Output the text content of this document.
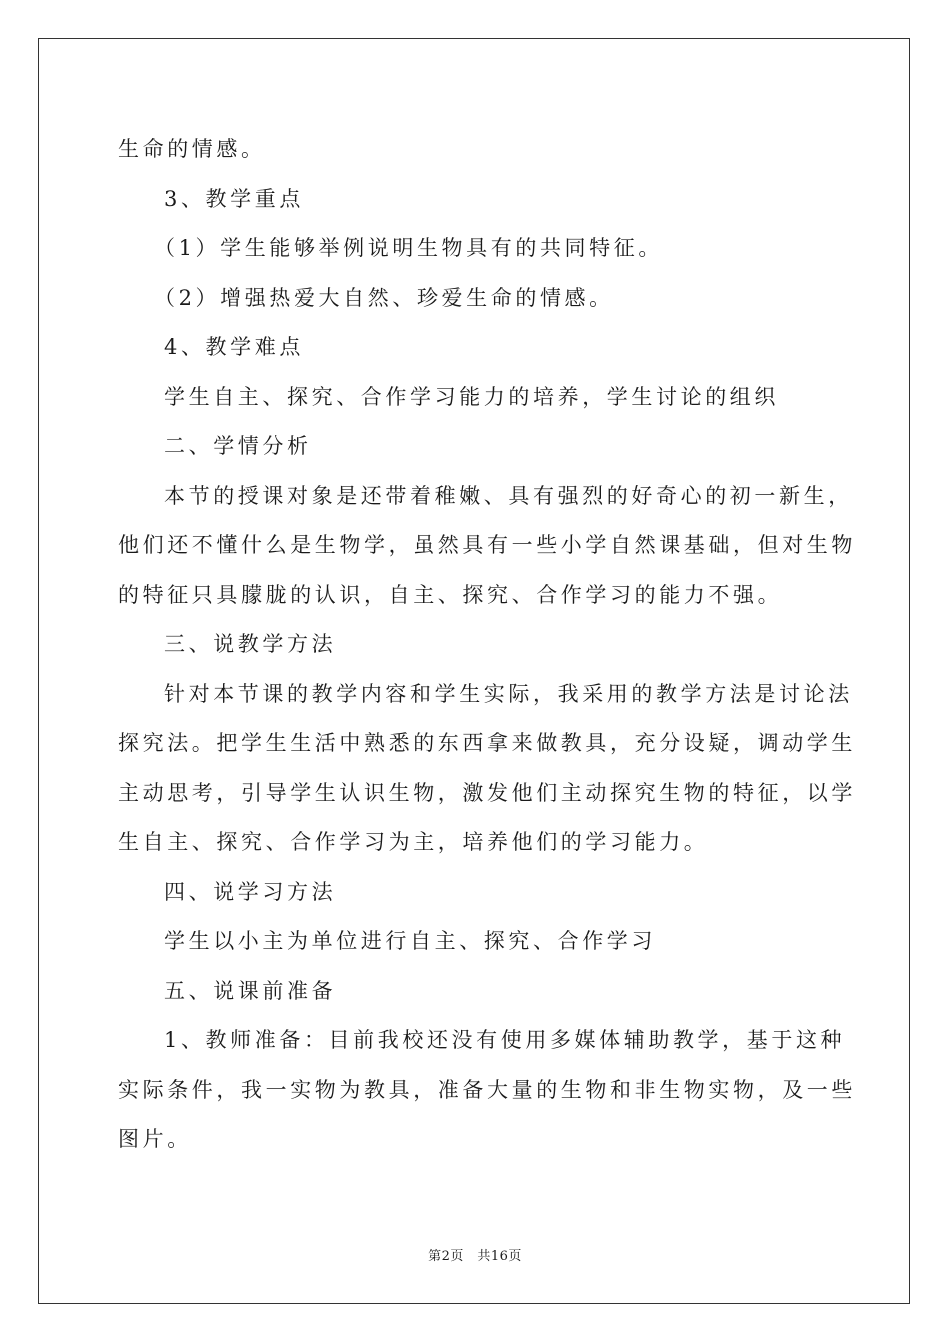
生命的情感。
3、教学重点
（1）学生能够举例说明生物具有的共同特征。
（2）增强热爱大自然、珍爱生命的情感。
4、教学难点
学生自主、探究、合作学习能力的培养，学生讨论的组织
二、学情分析
本节的授课对象是还带着稚嫩、具有强烈的好奇心的初一新生，
他们还不懂什么是生物学，虽然具有一些小学自然课基础，但对生物
的特征只具朦胧的认识，自主、探究、合作学习的能力不强。
三、说教学方法
针对本节课的教学内容和学生实际，我采用的教学方法是讨论法
探究法。把学生生活中熟悉的东西拿来做教具，充分设疑，调动学生
主动思考，引导学生认识生物，激发他们主动探究生物的特征，以学
生自主、探究、合作学习为主，培养他们的学习能力。
四、说学习方法
学生以小主为单位进行自主、探究、合作学习
五、说课前准备
1、教师准备：目前我校还没有使用多媒体辅助教学，基于这种
实际条件，我一实物为教具，准备大量的生物和非生物实物，及一些
图片。
第2页　共16页
